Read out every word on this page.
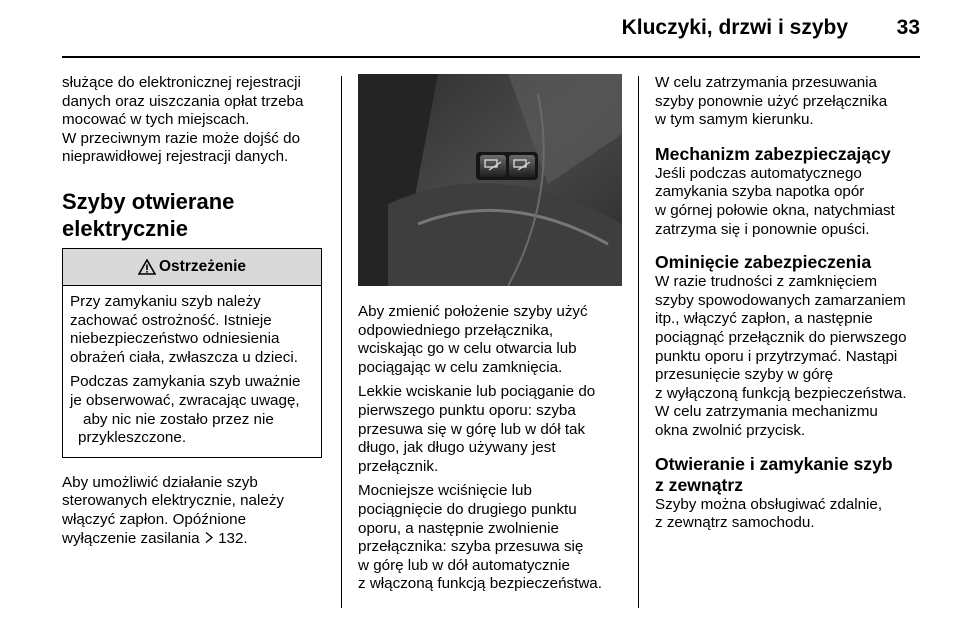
Kluczyki, drzwi i szyby 33

służące do elektronicznej rejestracji
danych oraz uiszczania opłat trzeba
mocować w tych miejscach.
W przeciwnym razie może dojść do
nieprawidłowej rejestracji danych.

Szyby otwierane
elektrycznie

Ostrzeżenie

Przy zamykaniu szyb należy
zachować ostrożność. Istnieje
niebezpieczeństwo odniesienia
obrażeń ciała, zwłaszcza u dzieci.

Podczas zamykania szyb uważnie
je obserwować, zwracając uwagę,
aby nic nie zostało przez nie
przykleszczone.

Aby umożliwić działanie szyb
sterowanych elektrycznie, należy
włączyć zapłon. Opóźnione
wyłączenie zasilania 132.

Aby zmienić położenie szyby użyć
odpowiedniego przełącznika,
wciskając go w celu otwarcia lub
pociągając w celu zamknięcia.

Lekkie wciskanie lub pociąganie do
pierwszego punktu oporu: szyba
przesuwa się w górę lub w dół tak
długo, jak długo używany jest
przełącznik.

Mocniejsze wciśnięcie lub
pociągnięcie do drugiego punktu
oporu, a następnie zwolnienie
przełącznika: szyba przesuwa się
w górę lub w dół automatycznie
z włączoną funkcją bezpieczeństwa.

W celu zatrzymania przesuwania
szyby ponownie użyć przełącznika
w tym samym kierunku.

Mechanizm zabezpieczający

Jeśli podczas automatycznego
zamykania szyba napotka opór
w górnej połowie okna, natychmiast
zatrzyma się i ponownie opuści.

Ominięcie zabezpieczenia

W razie trudności z zamknięciem
szyby spowodowanych zamarzaniem
itp., włączyć zapłon, a następnie
pociągnąć przełącznik do pierwszego
punktu oporu i przytrzymać. Nastąpi
przesunięcie szyby w górę
z wyłączoną funkcją bezpieczeństwa.
W celu zatrzymania mechanizmu
okna zwolnić przycisk.

Otwieranie i zamykanie szyb
z zewnątrz

Szyby można obsługiwać zdalnie,
z zewnątrz samochodu.
